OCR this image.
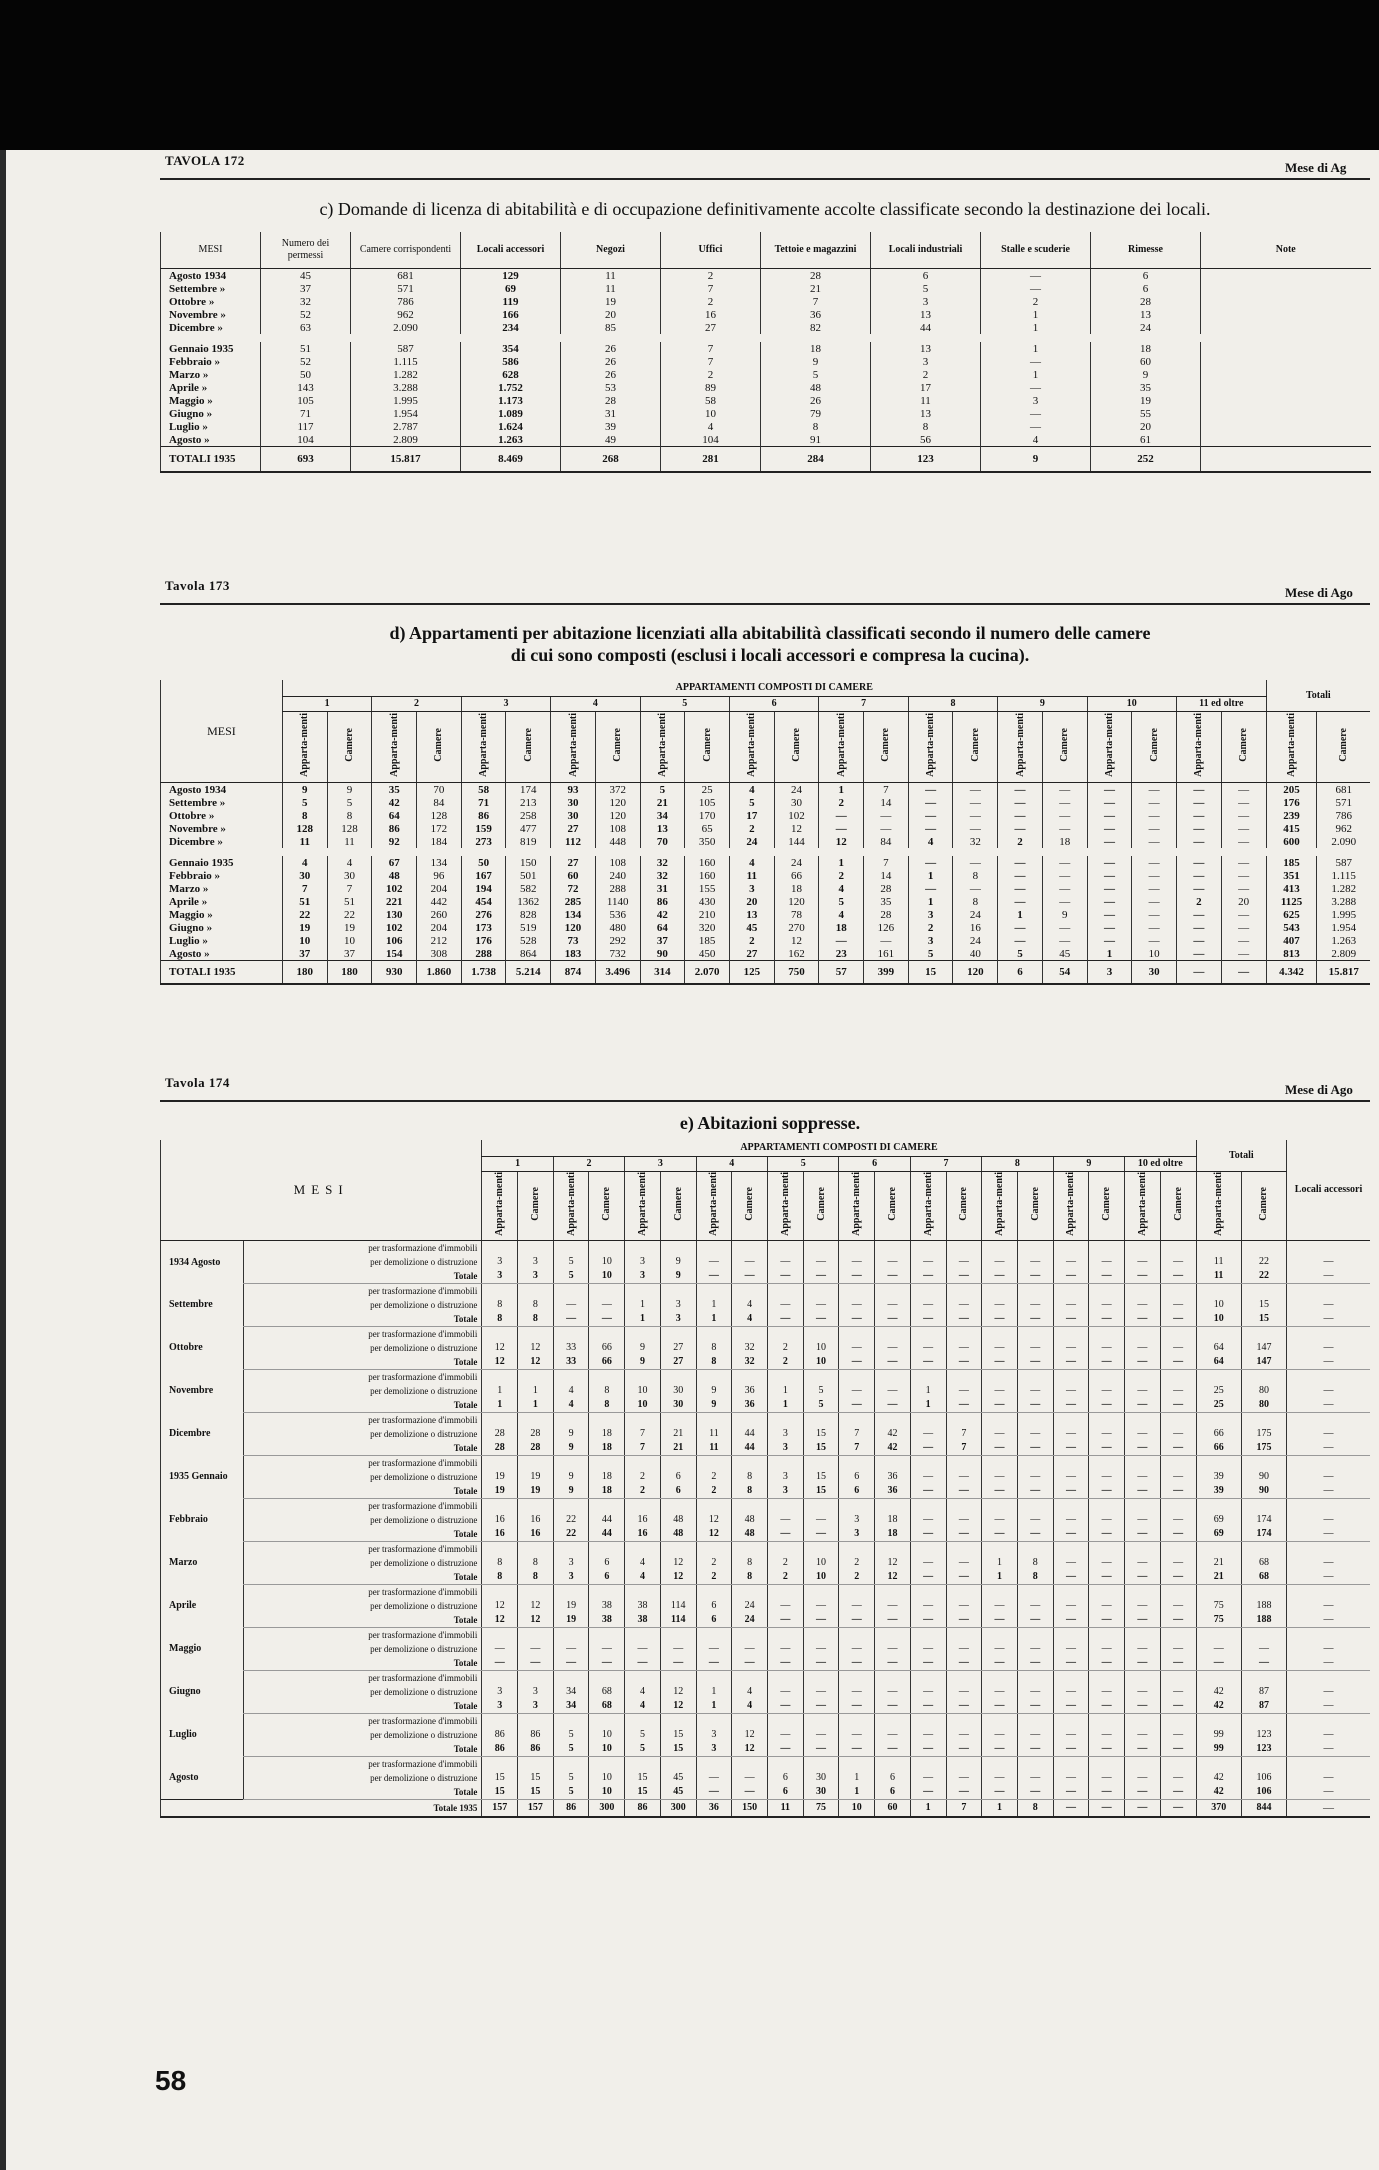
TAVOLA 172	Mese di Ag
c) Domande di licenza di abitabilità e di occupazione definitivamente accolte classificate secondo la destinazione dei locali.
MESI	Numero dei permessi	Camere corrispondenti	Locali accessori	Negozi	Uffici	Tettoie e magazzini	Locali industriali	Stalle e scuderie	Rimesse	Note
Agosto 1934	45	681	129	11	2	28	6	—	6	
Settembre »	37	571	69	11	7	21	5	—	6	
Ottobre »	32	786	119	19	2	7	3	2	28	
Novembre »	52	962	166	20	16	36	13	1	13	
Dicembre »	63	2.090	234	85	27	82	44	1	24	

Gennaio 1935	51	587	354	26	7	18	13	1	18	
Febbraio »	52	1.115	586	26	7	9	3	—	60	
Marzo »	50	1.282	628	26	2	5	2	1	9	
Aprile »	143	3.288	1.752	53	89	48	17	—	35	
Maggio »	105	1.995	1.173	28	58	26	11	3	19	
Giugno »	71	1.954	1.089	31	10	79	13	—	55	
Luglio »	117	2.787	1.624	39	4	8	8	—	20	
Agosto »	104	2.809	1.263	49	104	91	56	4	61	
TOTALI 1935	693	15.817	8.469	268	281	284	123	9	252	
Tavola 173	Mese di Ago
d) Appartamenti per abitazione licenziati alla abitabilità classificati secondo il numero delle camere
di cui sono composti (esclusi i locali accessori e compresa la cucina).
MESI	APPARTAMENTI COMPOSTI DI CAMERE																						Totali	
	1		2		3		4		5		6		7		8		9		10		11 ed oltre			
	Apparta-menti	Camere	Apparta-menti	Camere	Apparta-menti	Camere	Apparta-menti	Camere	Apparta-menti	Camere	Apparta-menti	Camere	Apparta-menti	Camere	Apparta-menti	Camere	Apparta-menti	Camere	Apparta-menti	Camere	Apparta-menti	Camere	Apparta-menti	Camere
Agosto 1934	9	9	35	70	58	174	93	372	5	25	4	24	1	7	—	—	—	—	—	—	—	—	205	681
Settembre »	5	5	42	84	71	213	30	120	21	105	5	30	2	14	—	—	—	—	—	—	—	—	176	571
Ottobre »	8	8	64	128	86	258	30	120	34	170	17	102	—	—	—	—	—	—	—	—	—	—	239	786
Novembre »	128	128	86	172	159	477	27	108	13	65	2	12	—	—	—	—	—	—	—	—	—	—	415	962
Dicembre »	11	11	92	184	273	819	112	448	70	350	24	144	12	84	4	32	2	18	—	—	—	—	600	2.090

Gennaio 1935	4	4	67	134	50	150	27	108	32	160	4	24	1	7	—	—	—	—	—	—	—	—	185	587
Febbraio »	30	30	48	96	167	501	60	240	32	160	11	66	2	14	1	8	—	—	—	—	—	—	351	1.115
Marzo »	7	7	102	204	194	582	72	288	31	155	3	18	4	28	—	—	—	—	—	—	—	—	413	1.282
Aprile »	51	51	221	442	454	1362	285	1140	86	430	20	120	5	35	1	8	—	—	—	—	2	20	1125	3.288
Maggio »	22	22	130	260	276	828	134	536	42	210	13	78	4	28	3	24	1	9	—	—	—	—	625	1.995
Giugno »	19	19	102	204	173	519	120	480	64	320	45	270	18	126	2	16	—	—	—	—	—	—	543	1.954
Luglio »	10	10	106	212	176	528	73	292	37	185	2	12	—	—	3	24	—	—	—	—	—	—	407	1.263
Agosto »	37	37	154	308	288	864	183	732	90	450	27	162	23	161	5	40	5	45	1	10	—	—	813	2.809
TOTALI 1935	180	180	930	1.860	1.738	5.214	874	3.496	314	2.070	125	750	57	399	15	120	6	54	3	30	—	—	4.342	15.817
Tavola 174	Mese di Ago
e) Abitazioni soppresse.
MESI		APPARTAMENTI COMPOSTI DI CAMERE																				Totali		Locali accessori
		1		2		3		4		5		6		7		8		9		10 ed oltre				
		Apparta-menti	Camere	Apparta-menti	Camere	Apparta-menti	Camere	Apparta-menti	Camere	Apparta-menti	Camere	Apparta-menti	Camere	Apparta-menti	Camere	Apparta-menti	Camere	Apparta-menti	Camere	Apparta-menti	Camere	Apparta-menti	Camere	
1934 Agosto	per trasformazione d'immobili																							
	per demolizione o distruzione	3	3	5	10	3	9	—	—	—	—	—	—	—	—	—	—	—	—	—	—	11	22	—
	Totale	3	3	5	10	3	9	—	—	—	—	—	—	—	—	—	—	—	—	—	—	11	22	—
Settembre	per trasformazione d'immobili																							
	per demolizione o distruzione	8	8	—	—	1	3	1	4	—	—	—	—	—	—	—	—	—	—	—	—	10	15	—
	Totale	8	8	—	—	1	3	1	4	—	—	—	—	—	—	—	—	—	—	—	—	10	15	—
Ottobre	per trasformazione d'immobili																							
	per demolizione o distruzione	12	12	33	66	9	27	8	32	2	10	—	—	—	—	—	—	—	—	—	—	64	147	—
	Totale	12	12	33	66	9	27	8	32	2	10	—	—	—	—	—	—	—	—	—	—	64	147	—
Novembre	per trasformazione d'immobili																							
	per demolizione o distruzione	1	1	4	8	10	30	9	36	1	5	—	—	1	—	—	—	—	—	—	—	25	80	—
	Totale	1	1	4	8	10	30	9	36	1	5	—	—	1	—	—	—	—	—	—	—	25	80	—
Dicembre	per trasformazione d'immobili																							
	per demolizione o distruzione	28	28	9	18	7	21	11	44	3	15	7	42	—	7	—	—	—	—	—	—	66	175	—
	Totale	28	28	9	18	7	21	11	44	3	15	7	42	—	7	—	—	—	—	—	—	66	175	—
1935 Gennaio	per trasformazione d'immobili																							
	per demolizione o distruzione	19	19	9	18	2	6	2	8	3	15	6	36	—	—	—	—	—	—	—	—	39	90	—
	Totale	19	19	9	18	2	6	2	8	3	15	6	36	—	—	—	—	—	—	—	—	39	90	—
Febbraio	per trasformazione d'immobili																							
	per demolizione o distruzione	16	16	22	44	16	48	12	48	—	—	3	18	—	—	—	—	—	—	—	—	69	174	—
	Totale	16	16	22	44	16	48	12	48	—	—	3	18	—	—	—	—	—	—	—	—	69	174	—
Marzo	per trasformazione d'immobili																							
	per demolizione o distruzione	8	8	3	6	4	12	2	8	2	10	2	12	—	—	1	8	—	—	—	—	21	68	—
	Totale	8	8	3	6	4	12	2	8	2	10	2	12	—	—	1	8	—	—	—	—	21	68	—
Aprile	per trasformazione d'immobili																							
	per demolizione o distruzione	12	12	19	38	38	114	6	24	—	—	—	—	—	—	—	—	—	—	—	—	75	188	—
	Totale	12	12	19	38	38	114	6	24	—	—	—	—	—	—	—	—	—	—	—	—	75	188	—
Maggio	per trasformazione d'immobili																							
	per demolizione o distruzione	—	—	—	—	—	—	—	—	—	—	—	—	—	—	—	—	—	—	—	—	—	—	—
	Totale	—	—	—	—	—	—	—	—	—	—	—	—	—	—	—	—	—	—	—	—	—	—	—
Giugno	per trasformazione d'immobili																							
	per demolizione o distruzione	3	3	34	68	4	12	1	4	—	—	—	—	—	—	—	—	—	—	—	—	42	87	—
	Totale	3	3	34	68	4	12	1	4	—	—	—	—	—	—	—	—	—	—	—	—	42	87	—
Luglio	per trasformazione d'immobili																							
	per demolizione o distruzione	86	86	5	10	5	15	3	12	—	—	—	—	—	—	—	—	—	—	—	—	99	123	—
	Totale	86	86	5	10	5	15	3	12	—	—	—	—	—	—	—	—	—	—	—	—	99	123	—
Agosto	per trasformazione d'immobili																							
	per demolizione o distruzione	15	15	5	10	15	45	—	—	6	30	1	6	—	—	—	—	—	—	—	—	42	106	—
	Totale	15	15	5	10	15	45	—	—	6	30	1	6	—	—	—	—	—	—	—	—	42	106	—
Totale 1935		157	157	86	300	86	300	36	150	11	75	10	60	1	7	1	8	—	—	—	—	370	844	—
58
